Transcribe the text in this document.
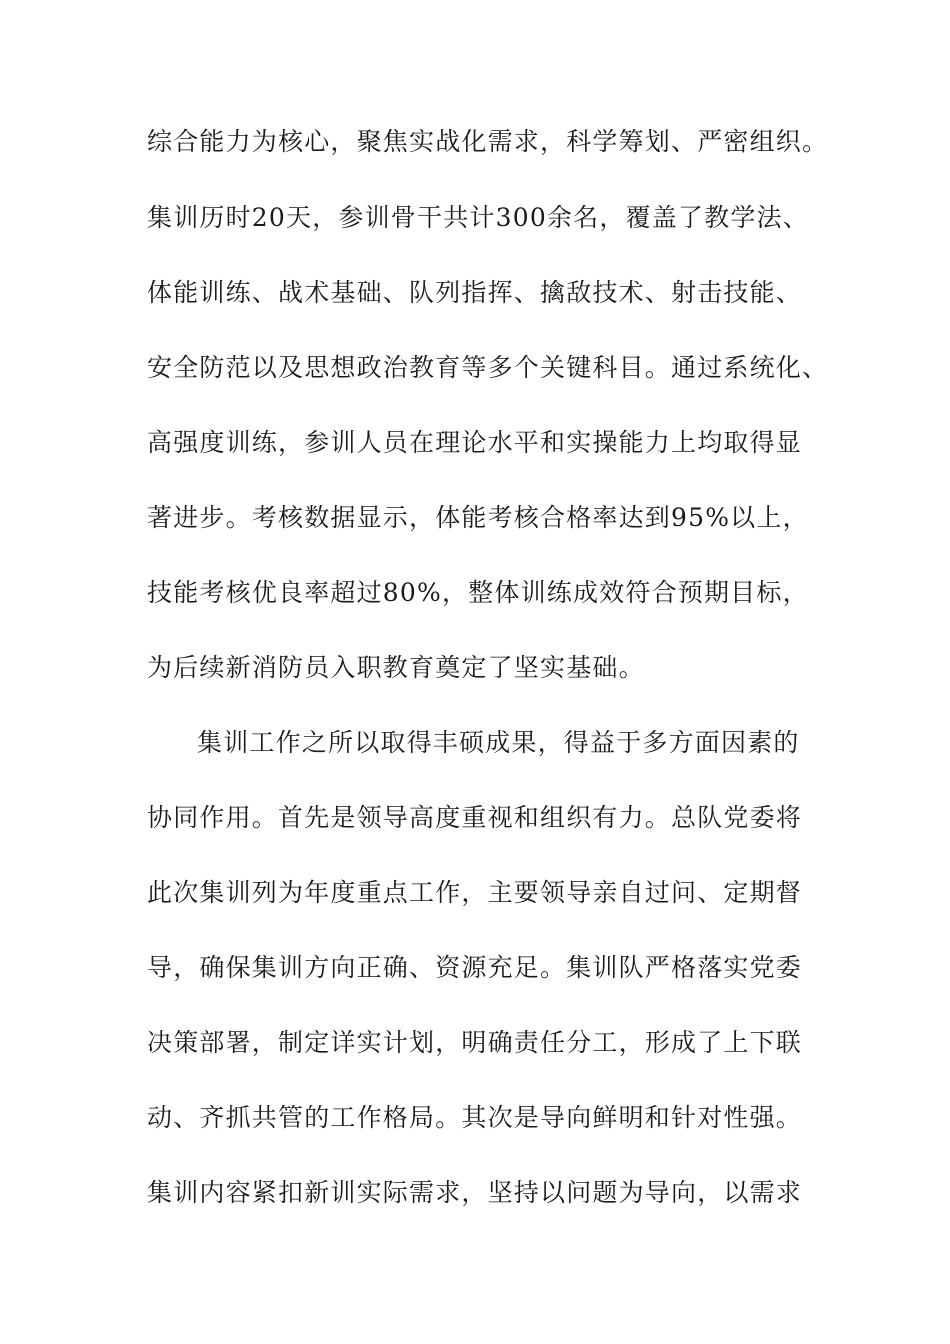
综合能力为核心，聚焦实战化需求，科学筹划、严密组织。
集训历时20天，参训骨干共计300余名，覆盖了教学法、
体能训练、战术基础、队列指挥、擒敌技术、射击技能、
安全防范以及思想政治教育等多个关键科目。通过系统化、
高强度训练，参训人员在理论水平和实操能力上均取得显
著进步。考核数据显示，体能考核合格率达到95%以上，
技能考核优良率超过80%，整体训练成效符合预期目标，
为后续新消防员入职教育奠定了坚实基础。
集训工作之所以取得丰硕成果，得益于多方面因素的
协同作用。首先是领导高度重视和组织有力。总队党委将
此次集训列为年度重点工作，主要领导亲自过问、定期督
导，确保集训方向正确、资源充足。集训队严格落实党委
决策部署，制定详实计划，明确责任分工，形成了上下联
动、齐抓共管的工作格局。其次是导向鲜明和针对性强。
集训内容紧扣新训实际需求，坚持以问题为导向，以需求
